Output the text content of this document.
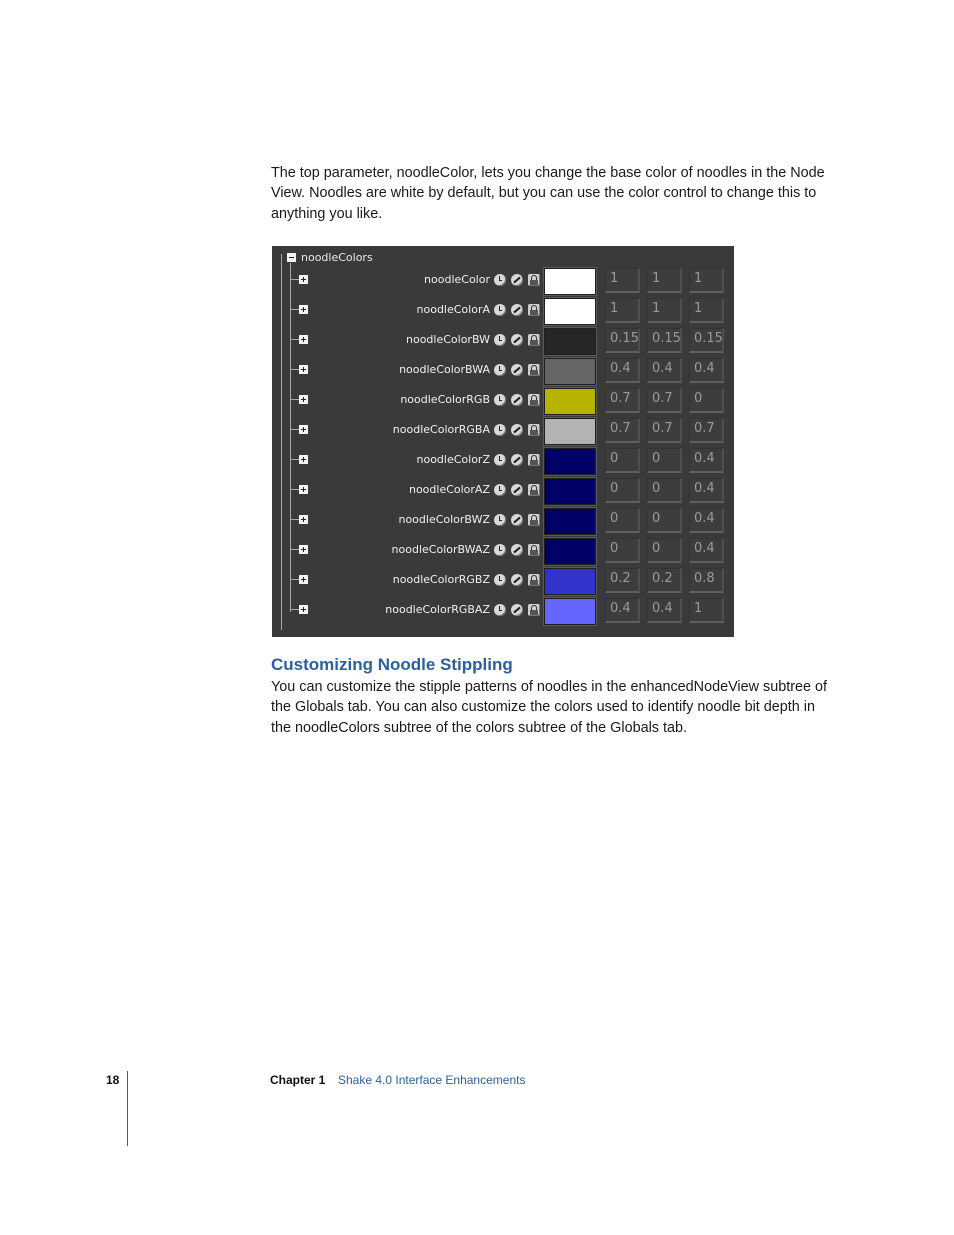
The top parameter, noodleColor, lets you change the base color of noodles in the Node View. Noodles are white by default, but you can use the color control to change this to anything you like.

noodleColors
noodleColor	1	1	1
noodleColorA	1	1	1
noodleColorBW	0.15	0.15	0.15
noodleColorBWA	0.4	0.4	0.4
noodleColorRGB	0.7	0.7	0
noodleColorRGBA	0.7	0.7	0.7
noodleColorZ	0	0	0.4
noodleColorAZ	0	0	0.4
noodleColorBWZ	0	0	0.4
noodleColorBWAZ	0	0	0.4
noodleColorRGBZ	0.2	0.2	0.8
noodleColorRGBAZ	0.4	0.4	1
Customizing Noodle Stippling

You can customize the stipple patterns of noodles in the enhancedNodeView subtree of the Globals tab. You can also customize the colors used to identify noodle bit depth in the noodleColors subtree of the colors subtree of the Globals tab.

18	Chapter 1 Shake 4.0 Interface Enhancements
